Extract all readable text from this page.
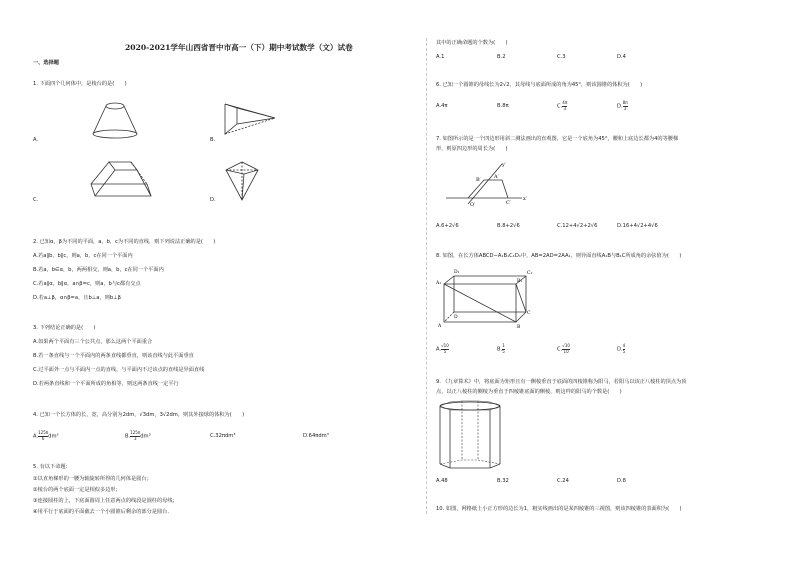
2020-2021学年山西省晋中市高一（下）期中考试数学（文）试卷
一、选择题
1. 下面四个几何体中，是棱台的是(　　)
A.	B.
C.	D.
2. 已知α，β为不同的平面，a，b，c为不同的直线，则下列说法正确的是(　　)
A.若a∥b，b∥c，则a，b，c在同一个平面内
B.若a，b∈α，b，两两相交，则a，b，c在同一个平面内
C.若a∥α，b∥α，a∩β=c，则a，b与c都有交点
D.若a⊥β，α∩β=a，且b⊥a，则b⊥β
3. 下列结论正确的是(　　)
A.如果两个平面有三个公共点，那么这两个平面重合
B.若一条直线与一个平面内的两条直线都垂直，则该直线与此平面垂直
C.过平面外一点与平面内一点的直线，与平面内不过该点的直线是异面直线
D.若两条直线和一个平面所成的角相等，则这两条直线一定平行
4. 已知一个长方体的长，宽，高分别为2dm，√3dm，3√2dm，则其外接球的体积为(　　)
A. $\frac{125\pi}{6} dm^3$	B. $\frac{125\pi}{3} dm^3$	C.32πdm³	D.64πdm³
5. 有以下命题：
①以直角梯形的一腰为轴旋转所得的几何体是圆台；
②棱台的两个底面一定是相似多边形；
③连接圆柱的上，下底面圆周上任意两点的线段是圆柱的母线；
④用平行于底面的平面截去一个小圆锥后剩余的部分是圆台.
其中的正确命题的个数为(　　)
A.1	B.2	C.3	D.4
6. 已知一个圆锥的母线长为2√2，其母线与底面所成的角为45°，则该圆锥的体积为(　　)
A.4π	B.8π	C. $\frac{4\pi}{3}$	D. $\frac{8\pi}{3}$
7. 如图所示的是一个四边形用斜二测法画出的直观图，它是一个底角为45°，腰和上底边长都为4的等腰梯
形，则原四边形的周长为(　　)
B′	A′
O′	C′
x′
y′
A.6+2√6	B.8+2√6	C.12+4√2+2√6	D.16+4√2+4√6
8. 如图，在长方体ABCD−A₁B₁C₁D₁中，AB=2AD=2AA₁，则异面直线A₁B与B₁C所成角的余弦值为(　　)
D₁	C₁
A₁	B₁
D
C
A	B
A. $\frac{√10}{5}$	B. $\frac{1}{5}$	C. $\frac{√10}{10}$	D. $\frac{4}{5}$
9. 《九章算术》中，将底面为矩形且有一侧棱垂直于底面的四棱锥称为阳马，若阳马以该正八棱柱的顶点为顶
点，以正八棱柱的侧棱为垂直于四棱锥底面的侧棱，则这样的阳马的个数是(　　)
A.48	B.32	C.24	D.8
10. 如图，网格纸上小正方形的边长为1，粗实线画出的是某四棱锥的三视图，则该四棱锥的表面积为(　　)
